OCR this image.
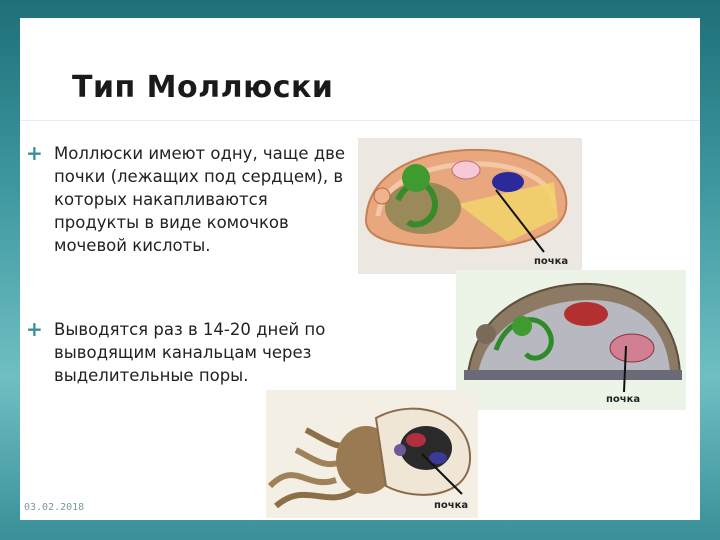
Тип Моллюски
+ Моллюски имеют одну, чаще две почки (лежащих под сердцем), в которых накапливаются продукты в виде комочков мочевой кислоты.
+ Выводятся раз в 14-20 дней по выводящим канальцам через выделительные поры.
почка
почка
почка
03.02.2018
